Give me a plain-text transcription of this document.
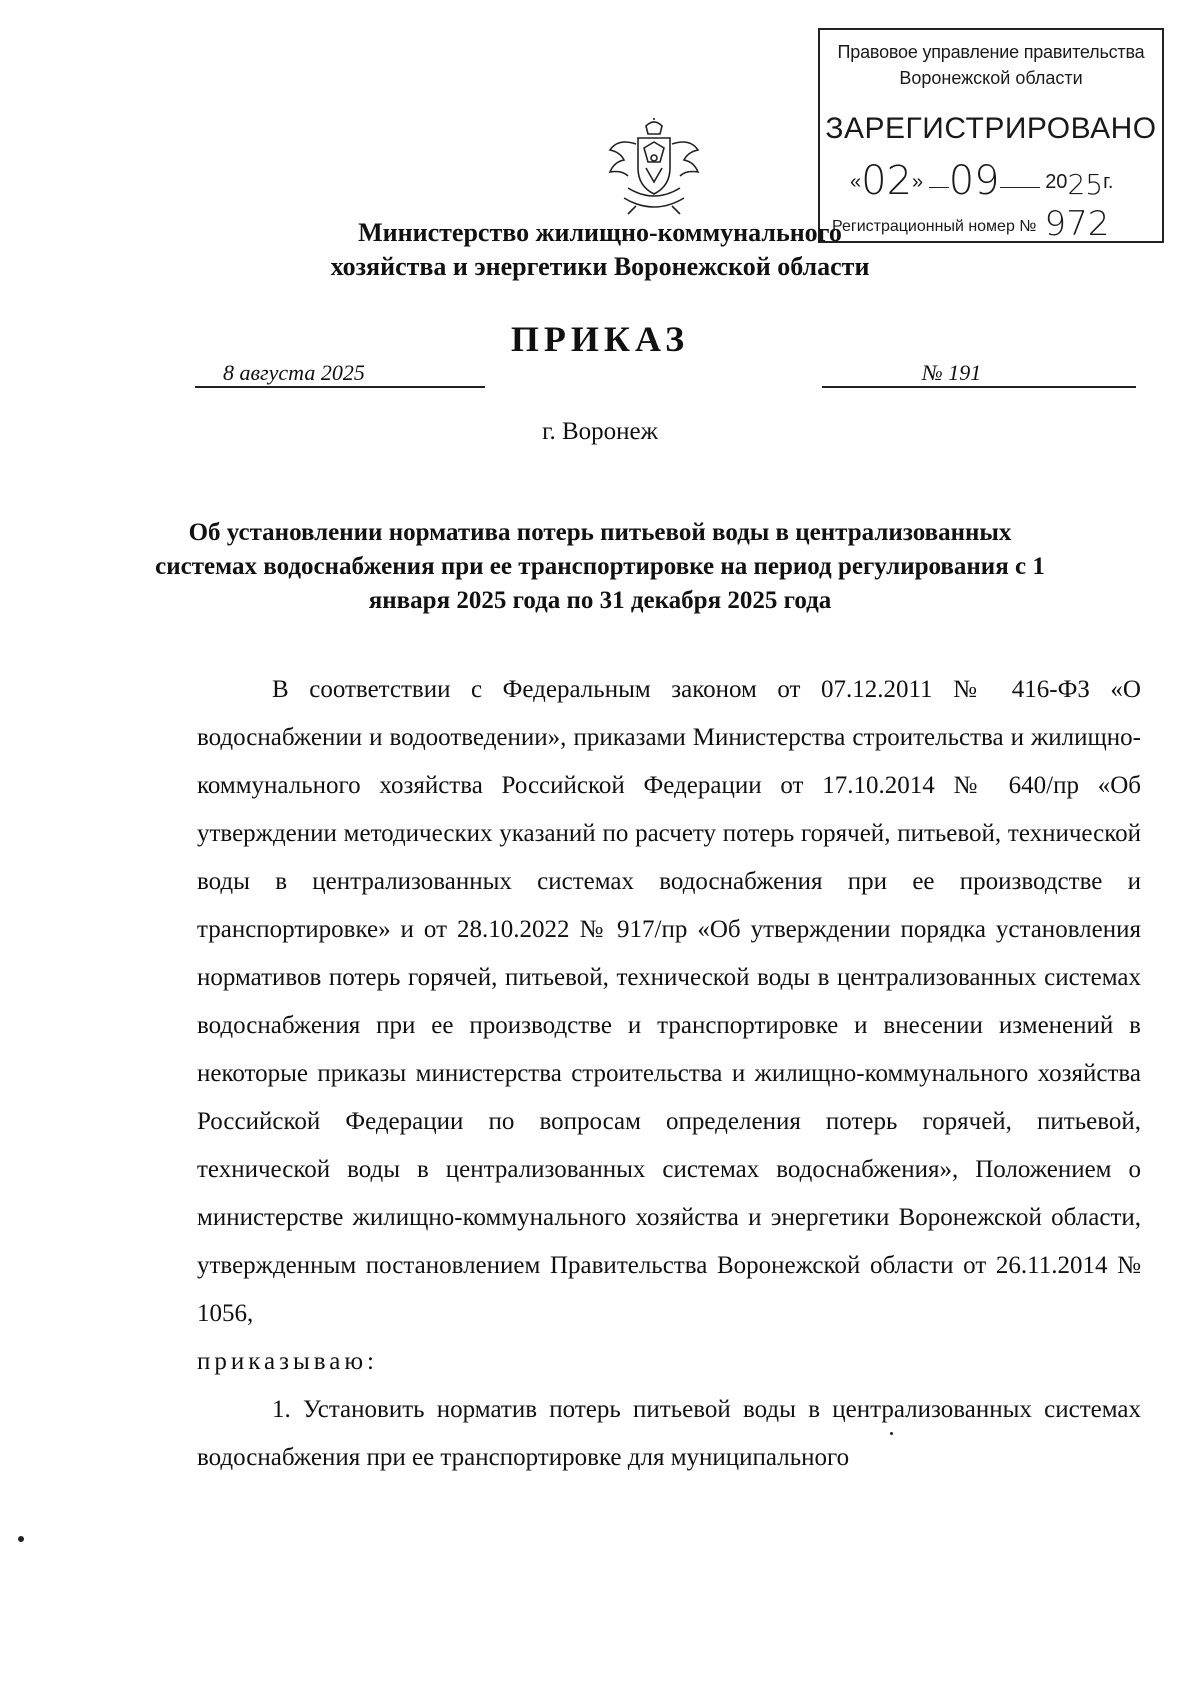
Правовое управление правительства
Воронежской области
ЗАРЕГИСТРИРОВАНО
«02» 09 2025г.
Регистрационный номер № 972
Министерство жилищно-коммунального
хозяйства и энергетики Воронежской области
ПРИКАЗ
8 августа 2025	№ 191
г. Воронеж
Об установлении норматива потерь питьевой воды в централизованных системах водоснабжения при ее транспортировке на период регулирования с 1 января 2025 года по 31 декабря 2025 года

В соответствии с Федеральным законом от 07.12.2011 № 416-ФЗ «О водоснабжении и водоотведении», приказами Министерства строительства и жилищно-коммунального хозяйства Российской Федерации от 17.10.2014 № 640/пр «Об утверждении методических указаний по расчету потерь горячей, питьевой, технической воды в централизованных системах водоснабжения при ее производстве и транспортировке» и от 28.10.2022 № 917/пр «Об утверждении порядка установления нормативов потерь горячей, питьевой, технической воды в централизованных системах водоснабжения при ее производстве и транспортировке и внесении изменений в некоторые приказы министерства строительства и жилищно-коммунального хозяйства Российской Федерации по вопросам определения потерь горячей, питьевой, технической воды в централизованных системах водоснабжения», Положением о министерстве жилищно-коммунального хозяйства и энергетики Воронежской области, утвержденным постановлением Правительства Воронежской области от 26.11.2014 № 1056,

приказываю:

1. Установить норматив потерь питьевой воды в централизованных системах водоснабжения при ее транспортировке для муниципального
